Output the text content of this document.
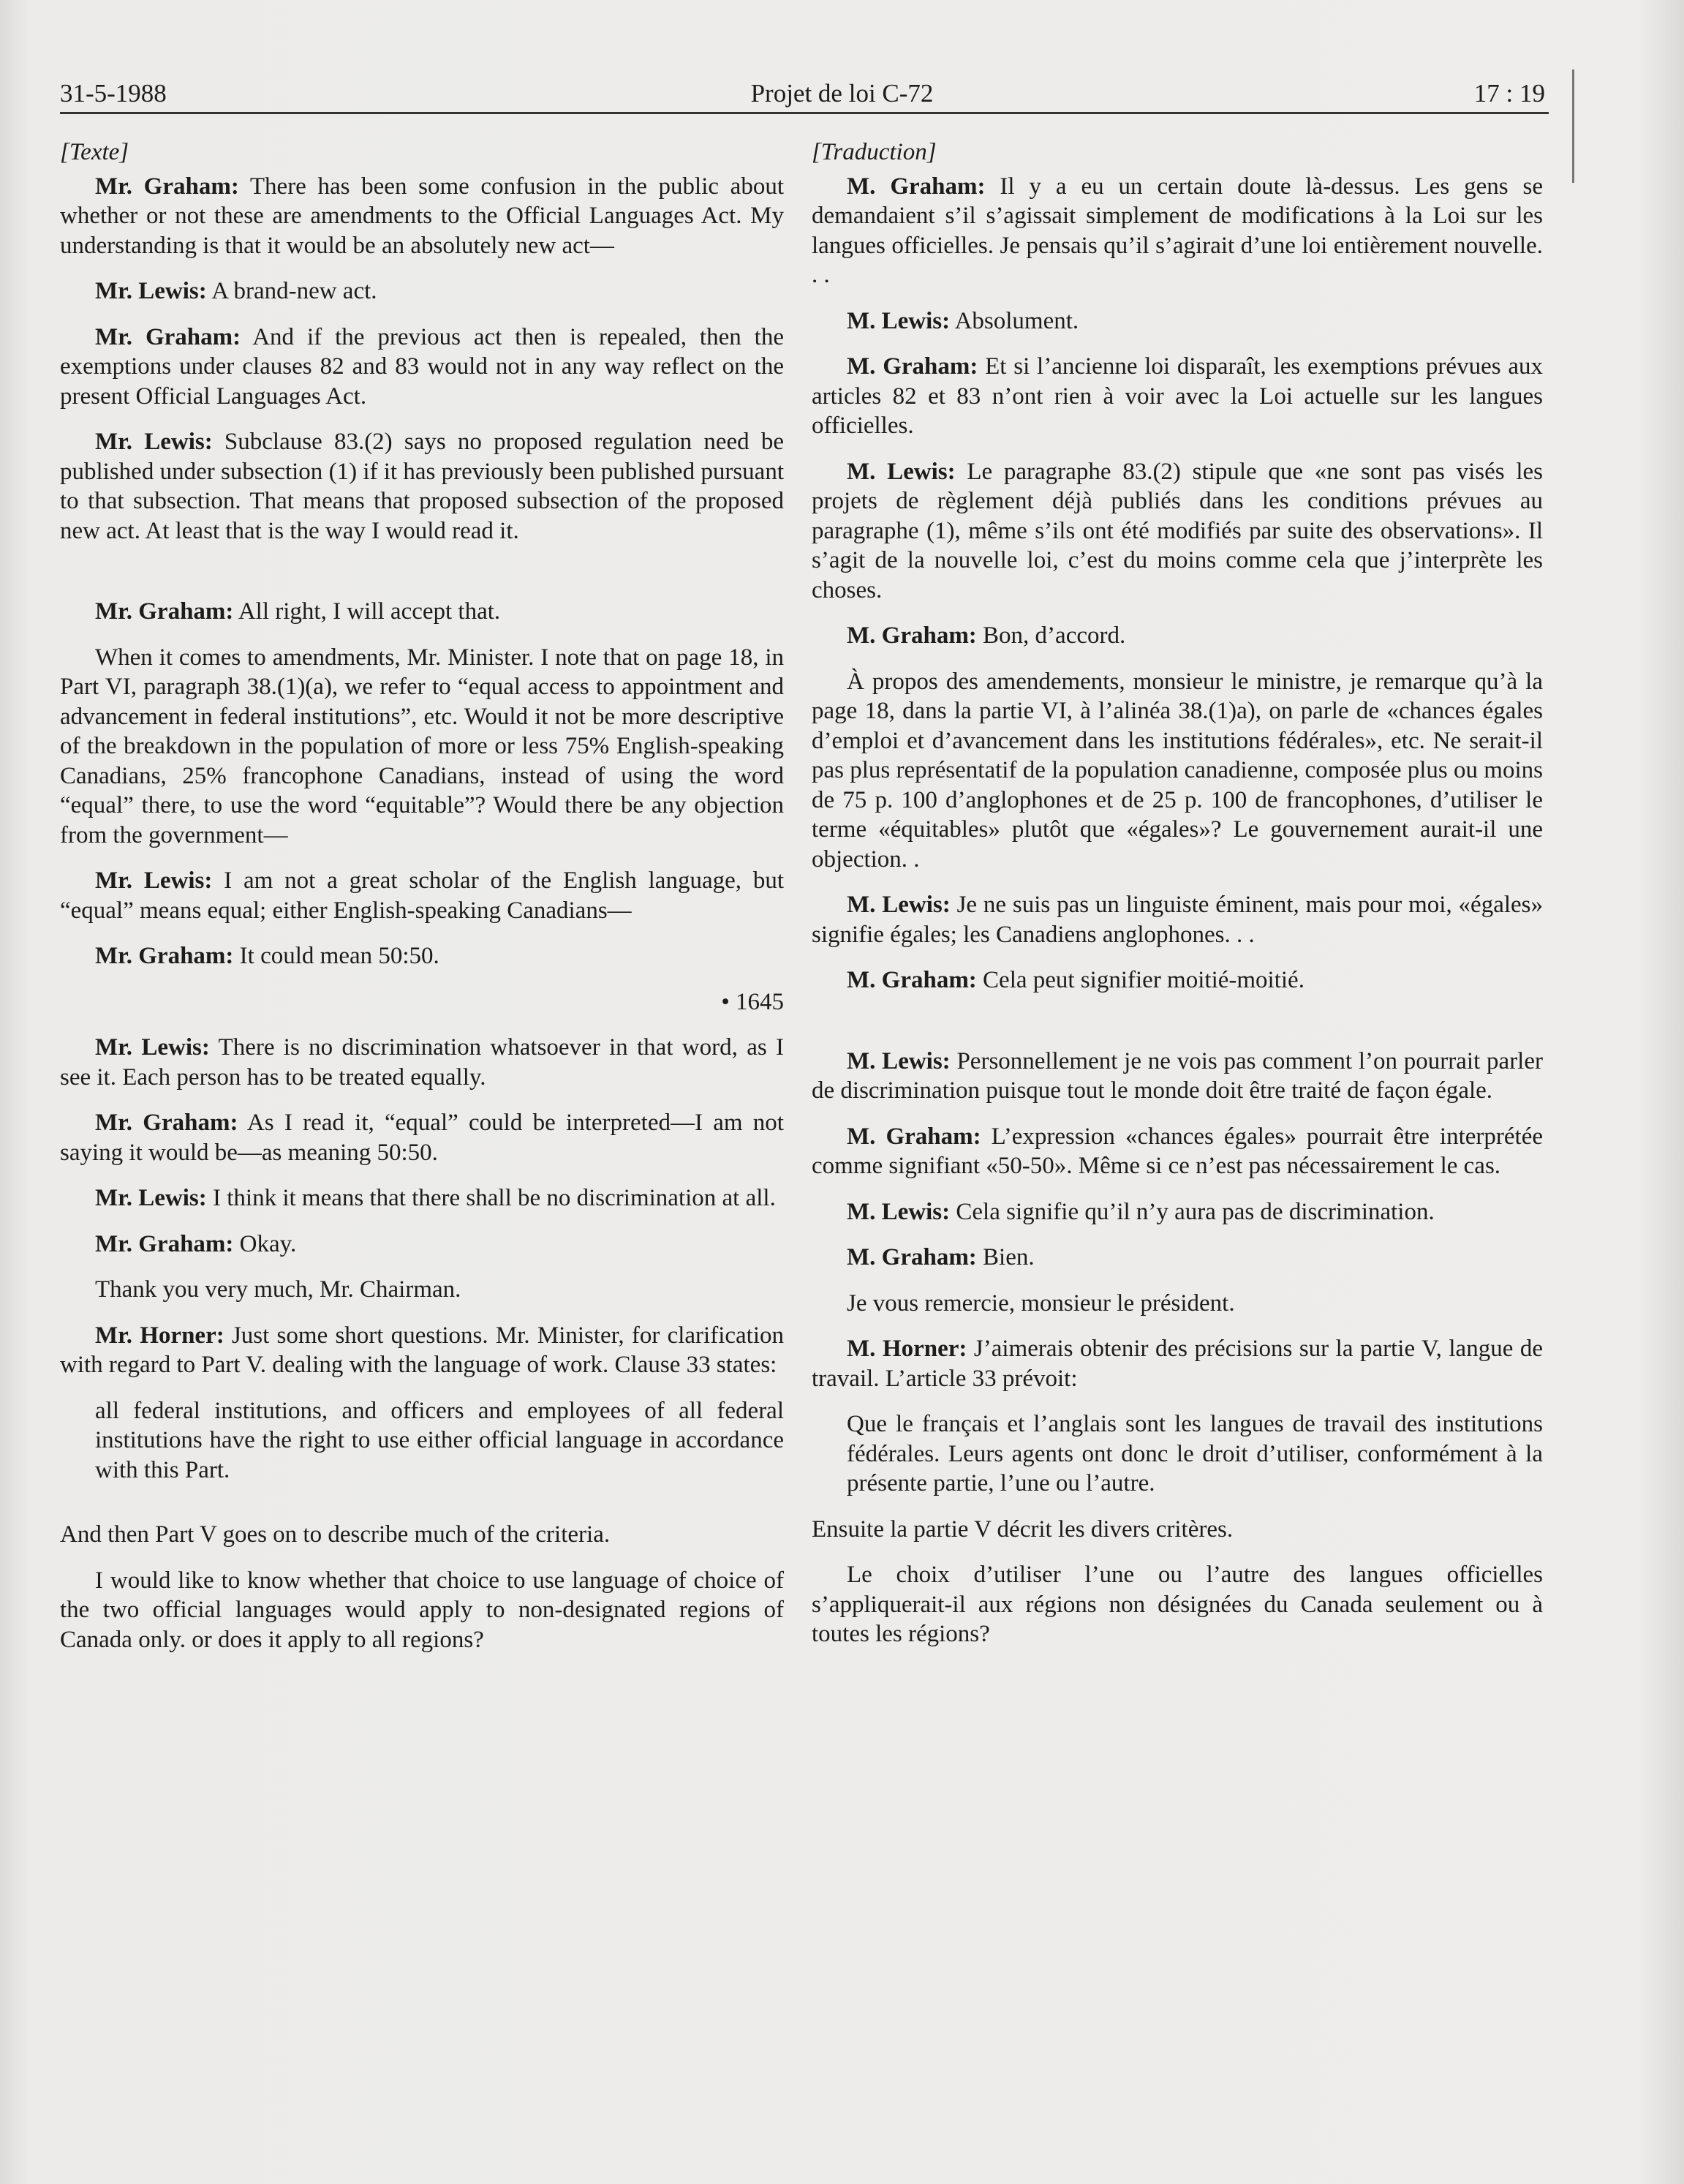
31-5-1988	Projet de loi C-72	17 : 19

[Texte]

Mr. Graham: There has been some confusion in the public about whether or not these are amendments to the Official Languages Act. My understanding is that it would be an absolutely new act—

Mr. Lewis: A brand-new act.

Mr. Graham: And if the previous act then is repealed, then the exemptions under clauses 82 and 83 would not in any way reflect on the present Official Languages Act.

Mr. Lewis: Subclause 83.(2) says no proposed regulation need be published under subsection (1) if it has previously been published pursuant to that subsection. That means that proposed subsection of the proposed new act. At least that is the way I would read it.

Mr. Graham: All right, I will accept that.

When it comes to amendments, Mr. Minister. I note that on page 18, in Part VI, paragraph 38.(1)(a), we refer to “equal access to appointment and advancement in federal institutions”, etc. Would it not be more descriptive of the breakdown in the population of more or less 75% English-speaking Canadians, 25% francophone Canadians, instead of using the word “equal” there, to use the word “equitable”? Would there be any objection from the government—

Mr. Lewis: I am not a great scholar of the English language, but “equal” means equal; either English-speaking Canadians—

Mr. Graham: It could mean 50:50.

• 1645

Mr. Lewis: There is no discrimination whatsoever in that word, as I see it. Each person has to be treated equally.

Mr. Graham: As I read it, “equal” could be interpreted—I am not saying it would be—as meaning 50:50.

Mr. Lewis: I think it means that there shall be no discrimination at all.

Mr. Graham: Okay.

Thank you very much, Mr. Chairman.

Mr. Horner: Just some short questions. Mr. Minister, for clarification with regard to Part V. dealing with the language of work. Clause 33 states:

all federal institutions, and officers and employees of all federal institutions have the right to use either official language in accordance with this Part.

And then Part V goes on to describe much of the criteria.

I would like to know whether that choice to use language of choice of the two official languages would apply to non-designated regions of Canada only. or does it apply to all regions?

[Traduction]

M. Graham: Il y a eu un certain doute là-dessus. Les gens se demandaient s’il s’agissait simplement de modifications à la Loi sur les langues officielles. Je pensais qu’il s’agirait d’une loi entièrement nouvelle. . .

M. Lewis: Absolument.

M. Graham: Et si l’ancienne loi disparaît, les exemptions prévues aux articles 82 et 83 n’ont rien à voir avec la Loi actuelle sur les langues officielles.

M. Lewis: Le paragraphe 83.(2) stipule que «ne sont pas visés les projets de règlement déjà publiés dans les conditions prévues au paragraphe (1), même s’ils ont été modifiés par suite des observations». Il s’agit de la nouvelle loi, c’est du moins comme cela que j’interprète les choses.

M. Graham: Bon, d’accord.

À propos des amendements, monsieur le ministre, je remarque qu’à la page 18, dans la partie VI, à l’alinéa 38.(1)a), on parle de «chances égales d’emploi et d’avancement dans les institutions fédérales», etc. Ne serait-il pas plus représentatif de la population canadienne, composée plus ou moins de 75 p. 100 d’anglophones et de 25 p. 100 de francophones, d’utiliser le terme «équitables» plutôt que «égales»? Le gouvernement aurait-il une objection. .

M. Lewis: Je ne suis pas un linguiste éminent, mais pour moi, «égales» signifie égales; les Canadiens anglophones. . .

M. Graham: Cela peut signifier moitié-moitié.

M. Lewis: Personnellement je ne vois pas comment l’on pourrait parler de discrimination puisque tout le monde doit être traité de façon égale.

M. Graham: L’expression «chances égales» pourrait être interprétée comme signifiant «50-50». Même si ce n’est pas nécessairement le cas.

M. Lewis: Cela signifie qu’il n’y aura pas de discrimination.

M. Graham: Bien.

Je vous remercie, monsieur le président.

M. Horner: J’aimerais obtenir des précisions sur la partie V, langue de travail. L’article 33 prévoit:

Que le français et l’anglais sont les langues de travail des institutions fédérales. Leurs agents ont donc le droit d’utiliser, conformément à la présente partie, l’une ou l’autre.

Ensuite la partie V décrit les divers critères.

Le choix d’utiliser l’une ou l’autre des langues officielles s’appliquerait-il aux régions non désignées du Canada seulement ou à toutes les régions?
